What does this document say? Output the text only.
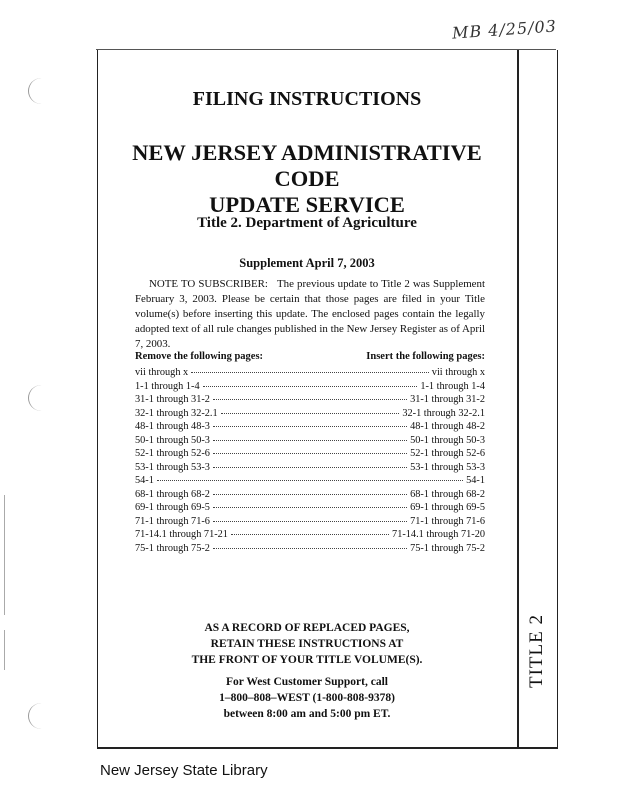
MB 4/25/03
TITLE 2
FILING INSTRUCTIONS
NEW JERSEY ADMINISTRATIVE CODE
UPDATE SERVICE
Title 2. Department of Agriculture
Supplement April 7, 2003
NOTE TO SUBSCRIBER: The previous update to Title 2 was Supplement February 3, 2003. Please be certain that those pages are filed in your Title volume(s) before inserting this update. The enclosed pages contain the legally adopted text of all rule changes published in the New Jersey Register as of April 7, 2003.
Remove the following pages:	Insert the following pages:
vii through x	vii through x
1-1 through 1-4	1-1 through 1-4
31-1 through 31-2	31-1 through 31-2
32-1 through 32-2.1	32-1 through 32-2.1
48-1 through 48-3	48-1 through 48-2
50-1 through 50-3	50-1 through 50-3
52-1 through 52-6	52-1 through 52-6
53-1 through 53-3	53-1 through 53-3
54-1	54-1
68-1 through 68-2	68-1 through 68-2
69-1 through 69-5	69-1 through 69-5
71-1 through 71-6	71-1 through 71-6
71-14.1 through 71-21	71-14.1 through 71-20
75-1 through 75-2	75-1 through 75-2
AS A RECORD OF REPLACED PAGES,
RETAIN THESE INSTRUCTIONS AT
THE FRONT OF YOUR TITLE VOLUME(S).
For West Customer Support, call
1–800–808–WEST (1-800-808-9378)
between 8:00 am and 5:00 pm ET.
New Jersey State Library
